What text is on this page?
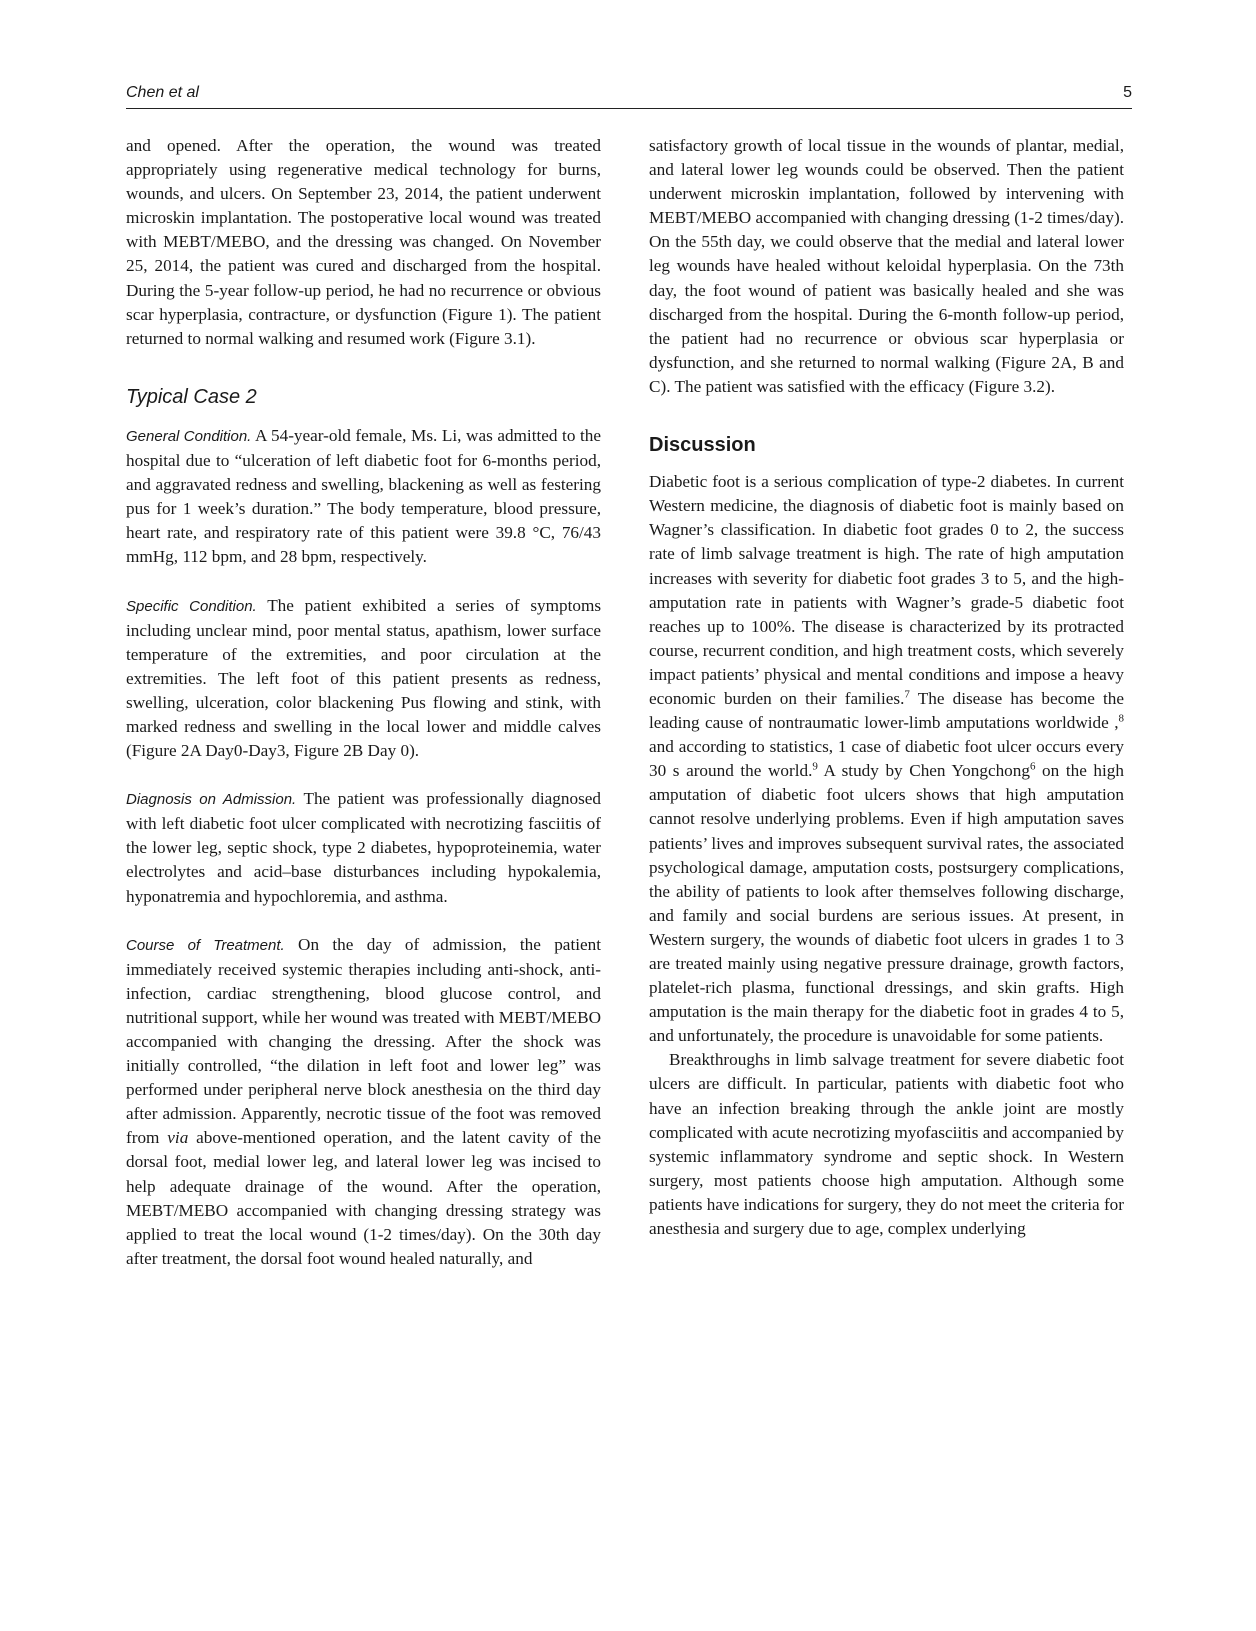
Chen et al	5

and opened. After the operation, the wound was treated appropriately using regenerative medical technology for burns, wounds, and ulcers. On September 23, 2014, the patient underwent microskin implantation. The postoperative local wound was treated with MEBT/MEBO, and the dressing was changed. On November 25, 2014, the patient was cured and discharged from the hospital. During the 5-year follow-up period, he had no recurrence or obvious scar hyperplasia, contracture, or dysfunction (Figure 1). The patient returned to normal walking and resumed work (Figure 3.1).

Typical Case 2

General Condition. A 54-year-old female, Ms. Li, was admitted to the hospital due to “ulceration of left diabetic foot for 6-months period, and aggravated redness and swelling, blackening as well as festering pus for 1 week’s duration.” The body temperature, blood pressure, heart rate, and respiratory rate of this patient were 39.8 °C, 76/43 mmHg, 112 bpm, and 28 bpm, respectively.

Specific Condition. The patient exhibited a series of symptoms including unclear mind, poor mental status, apathism, lower surface temperature of the extremities, and poor circulation at the extremities. The left foot of this patient presents as redness, swelling, ulceration, color blackening Pus flowing and stink, with marked redness and swelling in the local lower and middle calves (Figure 2A Day0-Day3, Figure 2B Day 0).

Diagnosis on Admission. The patient was professionally diagnosed with left diabetic foot ulcer complicated with necrotizing fasciitis of the lower leg, septic shock, type 2 diabetes, hypoproteinemia, water electrolytes and acid–base disturbances including hypokalemia, hyponatremia and hypochloremia, and asthma.

Course of Treatment. On the day of admission, the patient immediately received systemic therapies including anti-shock, anti-infection, cardiac strengthening, blood glucose control, and nutritional support, while her wound was treated with MEBT/MEBO accompanied with changing the dressing. After the shock was initially controlled, “the dilation in left foot and lower leg” was performed under peripheral nerve block anesthesia on the third day after admission. Apparently, necrotic tissue of the foot was removed from via above-mentioned operation, and the latent cavity of the dorsal foot, medial lower leg, and lateral lower leg was incised to help adequate drainage of the wound. After the operation, MEBT/MEBO accompanied with changing dressing strategy was applied to treat the local wound (1-2 times/day). On the 30th day after treatment, the dorsal foot wound healed naturally, and

satisfactory growth of local tissue in the wounds of plantar, medial, and lateral lower leg wounds could be observed. Then the patient underwent microskin implantation, followed by intervening with MEBT/MEBO accompanied with changing dressing (1-2 times/day). On the 55th day, we could observe that the medial and lateral lower leg wounds have healed without keloidal hyperplasia. On the 73th day, the foot wound of patient was basically healed and she was discharged from the hospital. During the 6-month follow-up period, the patient had no recurrence or obvious scar hyperplasia or dysfunction, and she returned to normal walking (Figure 2A, B and C). The patient was satisfied with the efficacy (Figure 3.2).

Discussion

Diabetic foot is a serious complication of type-2 diabetes. In current Western medicine, the diagnosis of diabetic foot is mainly based on Wagner’s classification. In diabetic foot grades 0 to 2, the success rate of limb salvage treatment is high. The rate of high amputation increases with severity for diabetic foot grades 3 to 5, and the high-amputation rate in patients with Wagner’s grade-5 diabetic foot reaches up to 100%. The disease is characterized by its protracted course, recurrent condition, and high treatment costs, which severely impact patients’ physical and mental conditions and impose a heavy economic burden on their families.$^7$ The disease has become the leading cause of nontraumatic lower-limb amputations worldwide ,$^8$ and according to statistics, 1 case of diabetic foot ulcer occurs every 30 s around the world.$^9$ A study by Chen Yongchong$^6$ on the high amputation of diabetic foot ulcers shows that high amputation cannot resolve underlying problems. Even if high amputation saves patients’ lives and improves subsequent survival rates, the associated psychological damage, amputation costs, postsurgery complications, the ability of patients to look after themselves following discharge, and family and social burdens are serious issues. At present, in Western surgery, the wounds of diabetic foot ulcers in grades 1 to 3 are treated mainly using negative pressure drainage, growth factors, platelet-rich plasma, functional dressings, and skin grafts. High amputation is the main therapy for the diabetic foot in grades 4 to 5, and unfortunately, the procedure is unavoidable for some patients.

Breakthroughs in limb salvage treatment for severe diabetic foot ulcers are difficult. In particular, patients with diabetic foot who have an infection breaking through the ankle joint are mostly complicated with acute necrotizing myofasciitis and accompanied by systemic inflammatory syndrome and septic shock. In Western surgery, most patients choose high amputation. Although some patients have indications for surgery, they do not meet the criteria for anesthesia and surgery due to age, complex underlying
